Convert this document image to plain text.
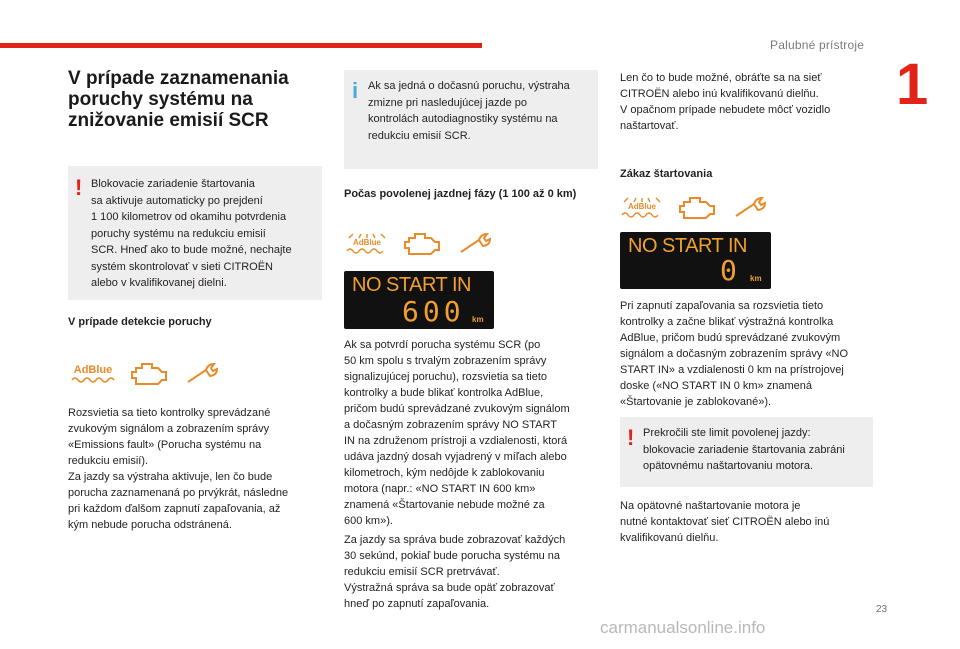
Palubné prístroje
1
V prípade zaznamenania
poruchy systému na
znižovanie emisií SCR
! Blokovacie zariadenie štartovania
sa aktivuje automaticky po prejdení
1 100 kilometrov od okamihu potvrdenia
poruchy systému na redukciu emisií
SCR. Hneď ako to bude možné, nechajte
systém skontrolovať v sieti CITROËN
alebo v kvalifikovanej dielni.
V prípade detekcie poruchy
AdBlue
Rozsvietia sa tieto kontrolky sprevádzané
zvukovým signálom a zobrazením správy
«Emissions fault» (Porucha systému na
redukciu emisií).
Za jazdy sa výstraha aktivuje, len čo bude
porucha zaznamenaná po prvýkrát, následne
pri každom ďalšom zapnutí zapaľovania, až
kým nebude porucha odstránená.
i Ak sa jedná o dočasnú poruchu, výstraha
zmizne pri nasledujúcej jazde po
kontrolách autodiagnostiky systému na
redukciu emisií SCR.
Počas povolenej jazdnej fázy (1 100 až 0 km)
AdBlue
NO START IN
600 km
Ak sa potvrdí porucha systému SCR (po
50 km spolu s trvalým zobrazením správy
signalizujúcej poruchu), rozsvietia sa tieto
kontrolky a bude blikať kontrolka AdBlue,
pričom budú sprevádzané zvukovým signálom
a dočasným zobrazením správy NO START
IN na združenom prístroji a vzdialenosti, ktorá
udáva jazdný dosah vyjadrený v míľach alebo
kilometroch, kým nedôjde k zablokovaniu
motora (napr.: «NO START IN 600 km»
znamená «Štartovanie nebude možné za
600 km»).
Za jazdy sa správa bude zobrazovať každých
30 sekúnd, pokiaľ bude porucha systému na
redukciu emisií SCR pretrvávať.
Výstražná správa sa bude opäť zobrazovať
hneď po zapnutí zapaľovania.
Len čo to bude možné, obráťte sa na sieť
CITROËN alebo inú kvalifikovanú dielňu.
V opačnom prípade nebudete môcť vozidlo
naštartovať.
Zákaz štartovania
AdBlue
NO START IN
0 km
Pri zapnutí zapaľovania sa rozsvietia tieto
kontrolky a začne blikať výstražná kontrolka
AdBlue, pričom budú sprevádzané zvukovým
signálom a dočasným zobrazením správy «NO
START IN» a vzdialenosti 0 km na prístrojovej
doske («NO START IN 0 km» znamená
«Štartovanie je zablokované»).
! Prekročili ste limit povolenej jazdy:
blokovacie zariadenie štartovania zabráni
opätovnému naštartovaniu motora.
Na opätovné naštartovanie motora je
nutné kontaktovať sieť CITROËN alebo inú
kvalifikovanú dielňu.
23
carmanualsonline.info
